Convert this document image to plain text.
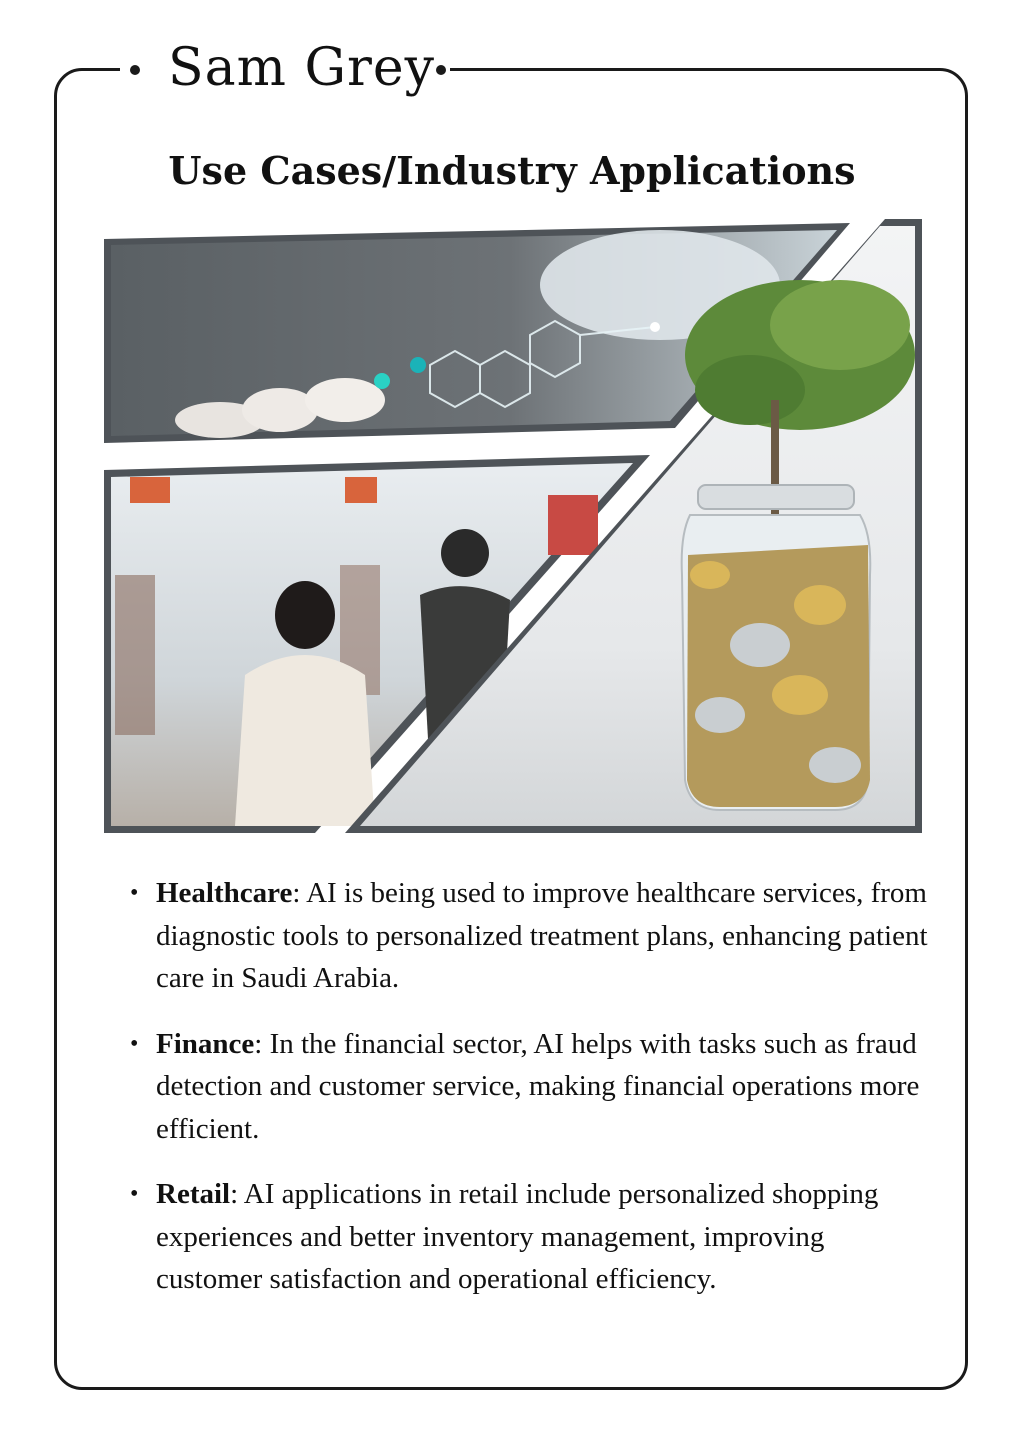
Sam Grey
Use Cases/Industry Applications
• Healthcare: AI is being used to improve healthcare services, from diagnostic tools to personalized treatment plans, enhancing patient care in Saudi Arabia.
• Finance: In the financial sector, AI helps with tasks such as fraud detection and customer service, making financial operations more efficient.
• Retail: AI applications in retail include personalized shopping experiences and better inventory management, improving customer satisfaction and operational efficiency.
